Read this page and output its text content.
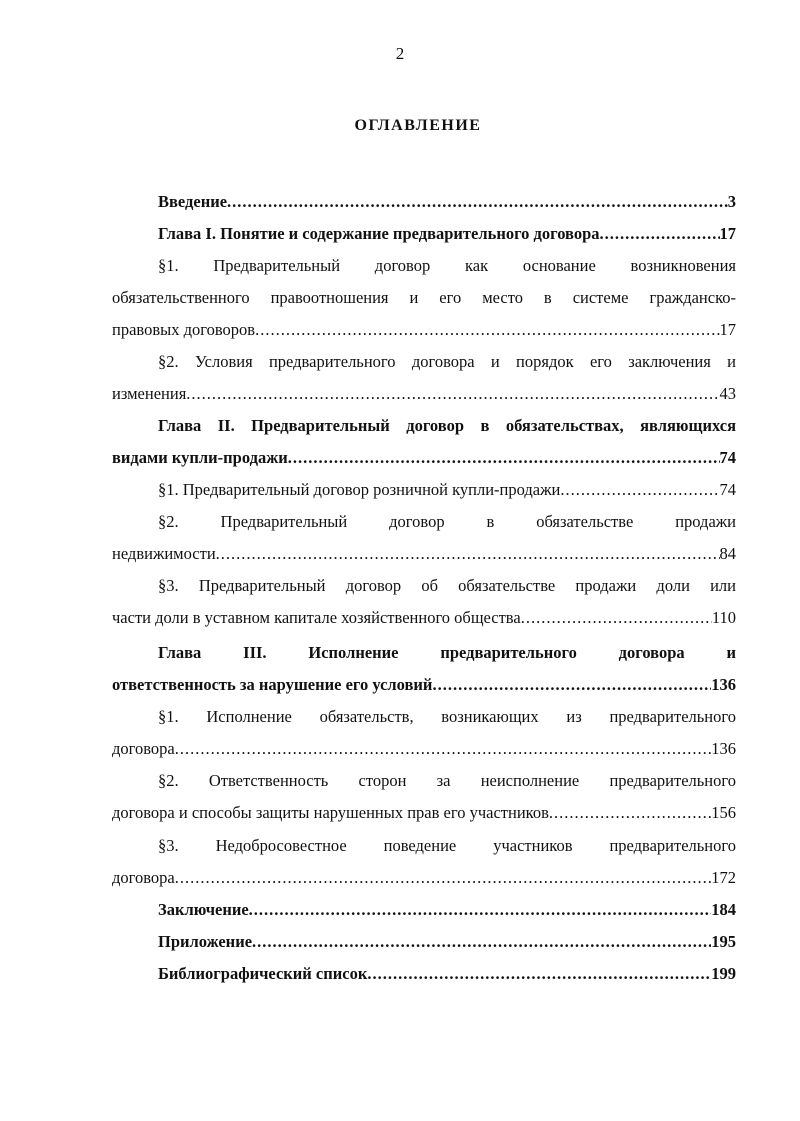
2
ОГЛАВЛЕНИЕ
Введение .....	3
Глава I. Понятие и содержание предварительного договора .....	17
§1. Предварительный договор как основание возникновения
обязательственного правоотношения и его место в системе гражданско-
правовых договоров .....	17
§2. Условия предварительного договора и порядок его заключения и
изменения .....	43
Глава II. Предварительный договор в обязательствах, являющихся
видами купли-продажи .....	74
§1. Предварительный договор розничной купли-продажи .....	74
§2. Предварительный договор в обязательстве продажи
недвижимости .....	84
§3. Предварительный договор об обязательстве продажи доли или
части доли в уставном капитале хозяйственного общества .....	110
Глава III. Исполнение предварительного договора и
ответственность за нарушение его условий .....	136
§1. Исполнение обязательств, возникающих из предварительного
договора .....	136
§2. Ответственность сторон за неисполнение предварительного
договора и способы защиты нарушенных прав его участников .....	156
§3. Недобросовестное поведение участников предварительного
договора .....	172
Заключение .....	184
Приложение .....	195
Библиографический список .....	199
